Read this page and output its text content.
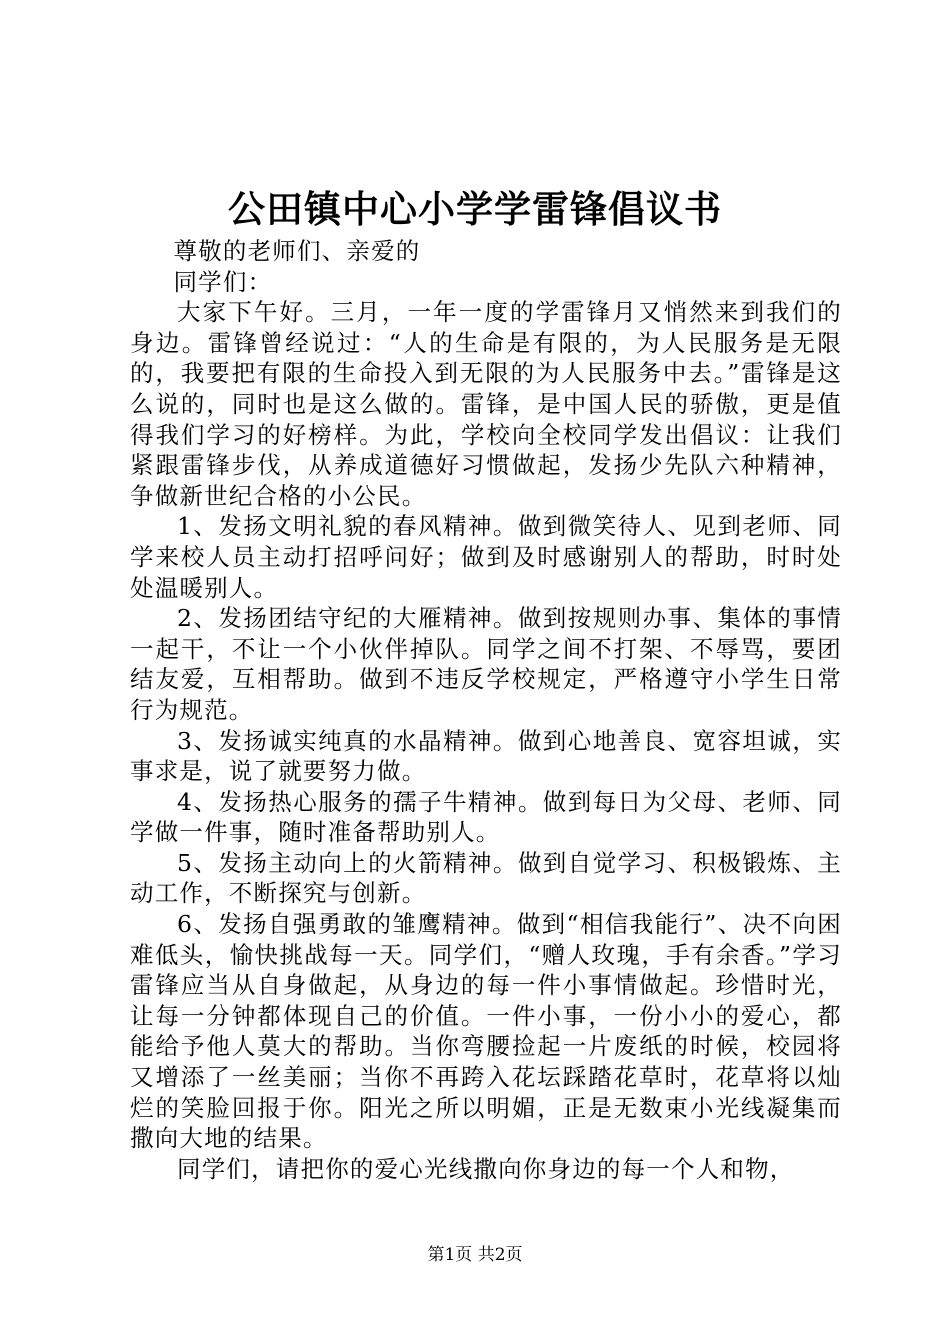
公田镇中心小学学雷锋倡议书

尊敬的老师们、亲爱的

同学们：

大家下午好。三月，一年一度的学雷锋月又悄然来到我们的身边。雷锋曾经说过：“人的生命是有限的，为人民服务是无限的，我要把有限的生命投入到无限的为人民服务中去。”雷锋是这么说的，同时也是这么做的。雷锋，是中国人民的骄傲，更是值得我们学习的好榜样。为此，学校向全校同学发出倡议：让我们紧跟雷锋步伐，从养成道德好习惯做起，发扬少先队六种精神，争做新世纪合格的小公民。

1、发扬文明礼貌的春风精神。做到微笑待人、见到老师、同学来校人员主动打招呼问好；做到及时感谢别人的帮助，时时处处温暖别人。

2、发扬团结守纪的大雁精神。做到按规则办事、集体的事情一起干，不让一个小伙伴掉队。同学之间不打架、不辱骂，要团结友爱，互相帮助。做到不违反学校规定，严格遵守小学生日常行为规范。

3、发扬诚实纯真的水晶精神。做到心地善良、宽容坦诚，实事求是，说了就要努力做。

4、发扬热心服务的孺子牛精神。做到每日为父母、老师、同学做一件事，随时准备帮助别人。

5、发扬主动向上的火箭精神。做到自觉学习、积极锻炼、主动工作，不断探究与创新。

6、发扬自强勇敢的雏鹰精神。做到“相信我能行”、决不向困难低头，愉快挑战每一天。同学们，“赠人玫瑰，手有余香。”学习雷锋应当从自身做起，从身边的每一件小事情做起。珍惜时光，让每一分钟都体现自己的价值。一件小事，一份小小的爱心，都能给予他人莫大的帮助。当你弯腰捡起一片废纸的时候，校园将又增添了一丝美丽；当你不再跨入花坛踩踏花草时，花草将以灿烂的笑脸回报于你。阳光之所以明媚，正是无数束小光线凝集而撒向大地的结果。

同学们，请把你的爱心光线撒向你身边的每一个人和物，

第1页 共2页
